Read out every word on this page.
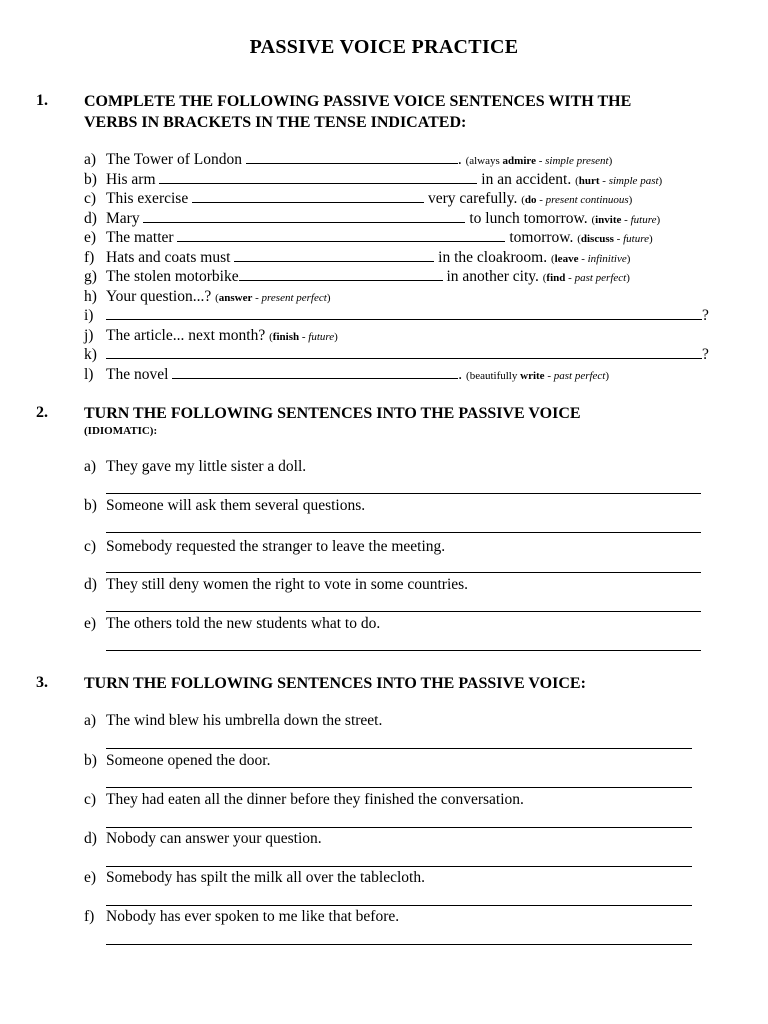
PASSIVE VOICE PRACTICE
1. COMPLETE THE FOLLOWING PASSIVE VOICE SENTENCES WITH THE
VERBS IN BRACKETS IN THE TENSE INDICATED:
a) The Tower of London	. (always admire - simple present)
b) His arm	in an accident. (hurt - simple past)
c) This exercise	very carefully. (do - present continuous)
d) Mary	to lunch tomorrow. (invite - future)
e) The matter	tomorrow. (discuss - future)
f) Hats and coats must	in the cloakroom. (leave - infinitive)
g) The stolen motorbike	in another city. (find - past perfect)
h) Your question...? (answer - present perfect)
i)	?
j) The article... next month? (finish - future)
k)	?
l) The novel	. (beautifully write - past perfect)
2. TURN THE FOLLOWING SENTENCES INTO THE PASSIVE VOICE
(IDIOMATIC):
a) They gave my little sister a doll.
b) Someone will ask them several questions.
c) Somebody requested the stranger to leave the meeting.
d) They still deny women the right to vote in some countries.
e) The others told the new students what to do.
3. TURN THE FOLLOWING SENTENCES INTO THE PASSIVE VOICE:
a) The wind blew his umbrella down the street.
b) Someone opened the door.
c) They had eaten all the dinner before they finished the conversation.
d) Nobody can answer your question.
e) Somebody has spilt the milk all over the tablecloth.
f) Nobody has ever spoken to me like that before.
